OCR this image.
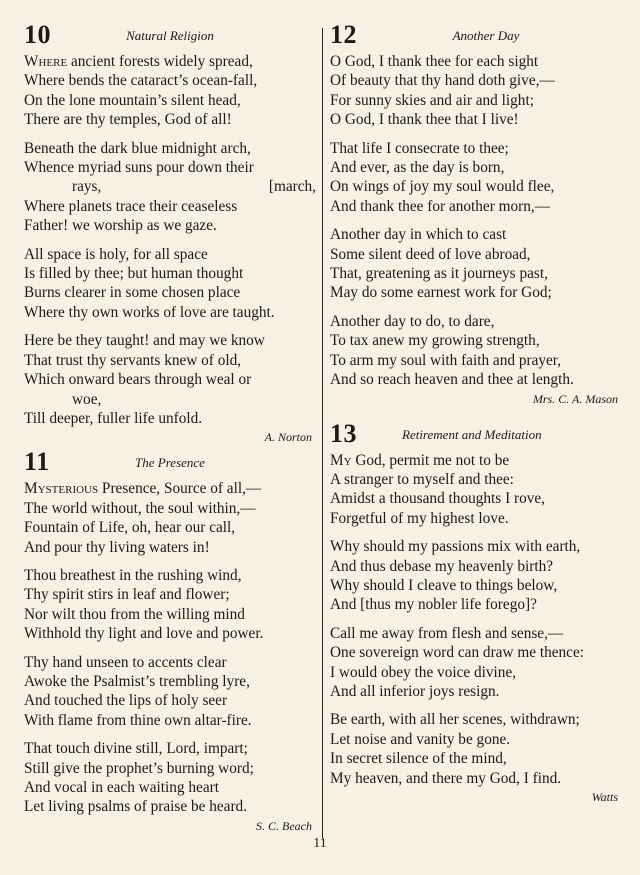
10	Natural Religion
Where ancient forests widely spread,
Where bends the cataract’s ocean-fall,
On the lone mountain’s silent head,
There are thy temples, God of all!
Beneath the dark blue midnight arch,
Whence myriad suns pour down their
rays,	[march,
Where planets trace their ceaseless
Father! we worship as we gaze.
All space is holy, for all space
Is filled by thee; but human thought
Burns clearer in some chosen place
Where thy own works of love are taught.
Here be they taught! and may we know
That trust thy servants knew of old,
Which onward bears through weal or
woe,
Till deeper, fuller life unfold.
A. Norton
11	The Presence
Mysterious Presence, Source of all,—
The world without, the soul within,—
Fountain of Life, oh, hear our call,
And pour thy living waters in!
Thou breathest in the rushing wind,
Thy spirit stirs in leaf and flower;
Nor wilt thou from the willing mind
Withhold thy light and love and power.
Thy hand unseen to accents clear
Awoke the Psalmist’s trembling lyre,
And touched the lips of holy seer
With flame from thine own altar-fire.
That touch divine still, Lord, impart;
Still give the prophet’s burning word;
And vocal in each waiting heart
Let living psalms of praise be heard.
S. C. Beach
12	Another Day
O God, I thank thee for each sight
Of beauty that thy hand doth give,—
For sunny skies and air and light;
O God, I thank thee that I live!
That life I consecrate to thee;
And ever, as the day is born,
On wings of joy my soul would flee,
And thank thee for another morn,—
Another day in which to cast
Some silent deed of love abroad,
That, greatening as it journeys past,
May do some earnest work for God;
Another day to do, to dare,
To tax anew my growing strength,
To arm my soul with faith and prayer,
And so reach heaven and thee at length.
Mrs. C. A. Mason
13	Retirement and Meditation
My God, permit me not to be
A stranger to myself and thee:
Amidst a thousand thoughts I rove,
Forgetful of my highest love.
Why should my passions mix with earth,
And thus debase my heavenly birth?
Why should I cleave to things below,
And [thus my nobler life forego]?
Call me away from flesh and sense,—
One sovereign word can draw me thence:
I would obey the voice divine,
And all inferior joys resign.
Be earth, with all her scenes, withdrawn;
Let noise and vanity be gone.
In secret silence of the mind,
My heaven, and there my God, I find.
Watts
11
